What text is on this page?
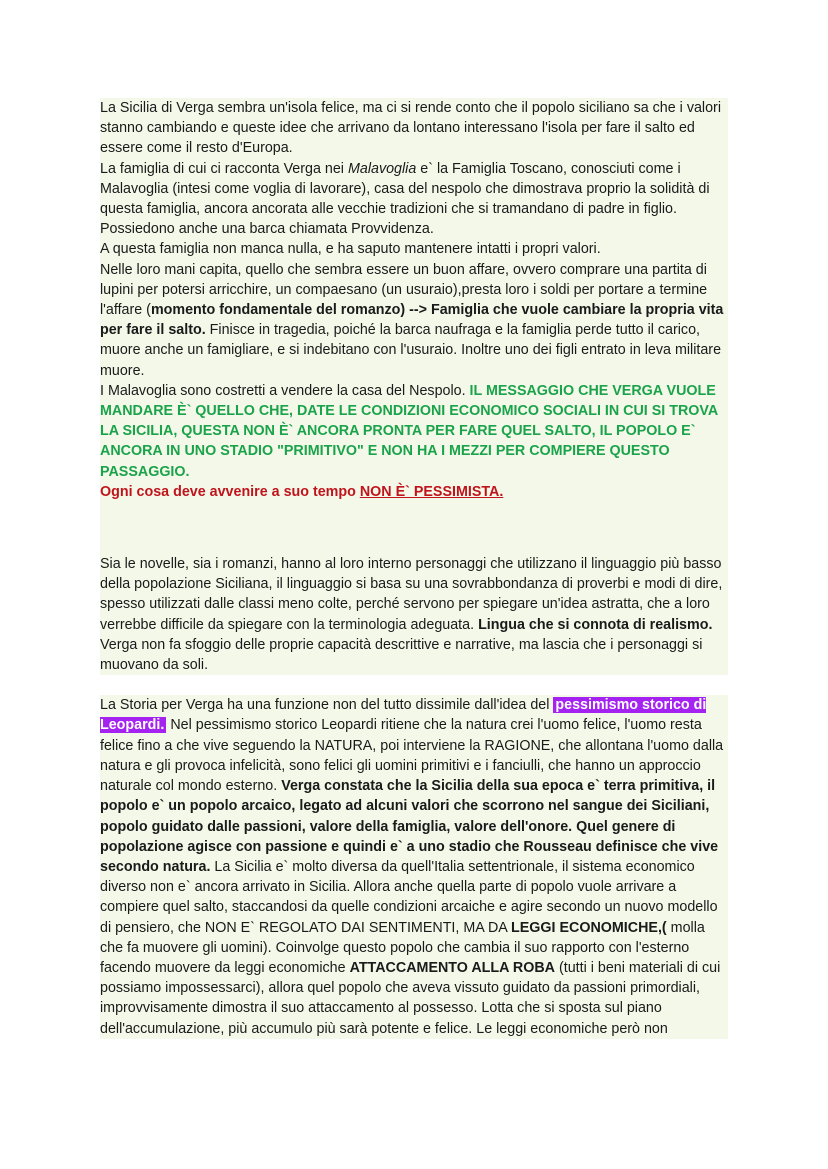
La Sicilia di Verga sembra un'isola felice, ma ci si rende conto che il popolo siciliano sa che i valori stanno cambiando e queste idee che arrivano da lontano interessano l'isola per fare il salto ed essere come il resto d'Europa.

La famiglia di cui ci racconta Verga nei Malavoglia e` la Famiglia Toscano, conosciuti come i Malavoglia (intesi come voglia di lavorare), casa del nespolo che dimostrava proprio la solidità di questa famiglia, ancora ancorata alle vecchie tradizioni che si tramandano di padre in figlio. Possiedono anche una barca chiamata Provvidenza.

A questa famiglia non manca nulla, e ha saputo mantenere intatti i propri valori.

Nelle loro mani capita, quello che sembra essere un buon affare, ovvero comprare una partita di lupini per potersi arricchire, un compaesano (un usuraio),presta loro i soldi per portare a termine l'affare (momento fondamentale del romanzo) --> Famiglia che vuole cambiare la propria vita per fare il salto. Finisce in tragedia, poiché la barca naufraga e la famiglia perde tutto il carico, muore anche un famigliare, e si indebitano con l'usuraio. Inoltre uno dei figli entrato in leva militare muore.

I Malavoglia sono costretti a vendere la casa del Nespolo. IL MESSAGGIO CHE VERGA VUOLE MANDARE È` QUELLO CHE, DATE LE CONDIZIONI ECONOMICO SOCIALI IN CUI SI TROVA LA SICILIA, QUESTA NON È` ANCORA PRONTA PER FARE QUEL SALTO, IL POPOLO E` ANCORA IN UNO STADIO "PRIMITIVO" E NON HA I MEZZI PER COMPIERE QUESTO PASSAGGIO.

Ogni cosa deve avvenire a suo tempo NON È` PESSIMISTA.

Sia le novelle, sia i romanzi, hanno al loro interno personaggi che utilizzano il linguaggio più basso della popolazione Siciliana, il linguaggio si basa su una sovrabbondanza di proverbi e modi di dire, spesso utilizzati dalle classi meno colte, perché servono per spiegare un'idea astratta, che a loro verrebbe difficile da spiegare con la terminologia adeguata. Lingua che si connota di realismo. Verga non fa sfoggio delle proprie capacità descrittive e narrative, ma lascia che i personaggi si muovano da soli.

La Storia per Verga ha una funzione non del tutto dissimile dall'idea del pessimismo storico di Leopardi. Nel pessimismo storico Leopardi ritiene che la natura crei l'uomo felice, l'uomo resta felice fino a che vive seguendo la NATURA, poi interviene la RAGIONE, che allontana l'uomo dalla natura e gli provoca infelicità, sono felici gli uomini primitivi e i fanciulli, che hanno un approccio naturale col mondo esterno. Verga constata che la Sicilia della sua epoca e` terra primitiva, il popolo e` un popolo arcaico, legato ad alcuni valori che scorrono nel sangue dei Siciliani, popolo guidato dalle passioni, valore della famiglia, valore dell'onore. Quel genere di popolazione agisce con passione e quindi e` a uno stadio che Rousseau definisce che vive secondo natura. La Sicilia e` molto diversa da quell'Italia settentrionale, il sistema economico diverso non e` ancora arrivato in Sicilia. Allora anche quella parte di popolo vuole arrivare a compiere quel salto, staccandosi da quelle condizioni arcaiche e agire secondo un nuovo modello di pensiero, che NON E` REGOLATO DAI SENTIMENTI, MA DA LEGGI ECONOMICHE,( molla che fa muovere gli uomini). Coinvolge questo popolo che cambia il suo rapporto con l'esterno facendo muovere da leggi economiche ATTACCAMENTO ALLA ROBA (tutti i beni materiali di cui possiamo impossessarci), allora quel popolo che aveva vissuto guidato da passioni primordiali, improvvisamente dimostra il suo attaccamento al possesso. Lotta che si sposta sul piano dell'accumulazione, più accumulo più sarà potente e felice. Le leggi economiche però non
